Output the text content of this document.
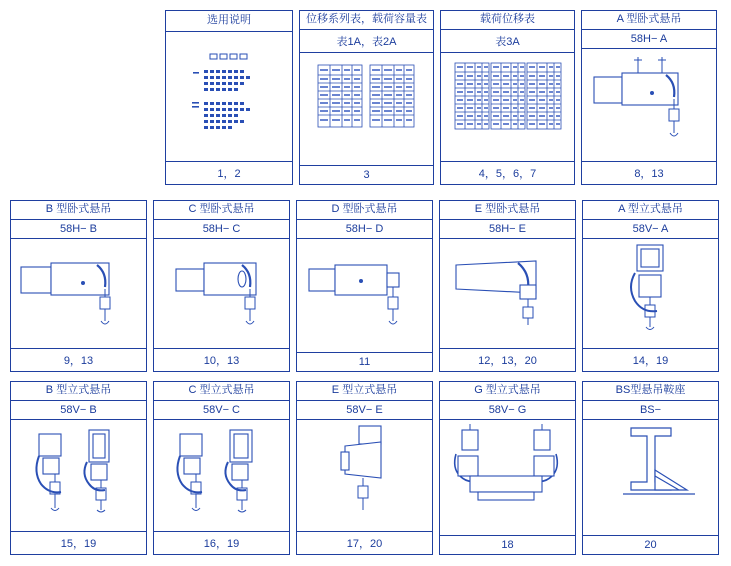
选用说明
1，2
位移系列表，载荷容量表
表1A，表2A
3
载荷位移表
表3A
4，5，6，7
A 型卧式悬吊
58H− A
8，13
B 型卧式悬吊
58H− B
9，13
C 型卧式悬吊
58H− C
10，13
D 型卧式悬吊
58H− D
11
E 型卧式悬吊
58H− E
12，13，20
A 型立式悬吊
58V− A
14，19
B 型立式悬吊
58V− B
15，19
C 型立式悬吊
58V− C
16，19
E 型立式悬吊
58V− E
17，20
G 型立式悬吊
58V− G
18
BS型悬吊鞍座
BS−
20
